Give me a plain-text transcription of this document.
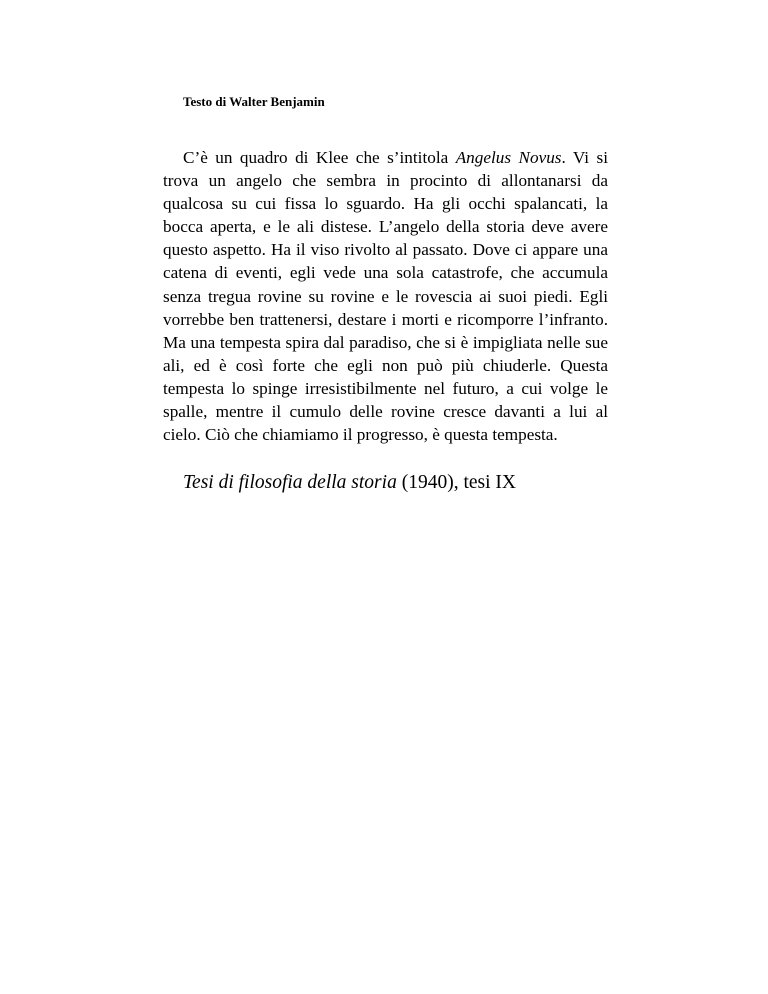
Testo di Walter Benjamin

C’è un quadro di Klee che s’intitola Angelus Novus. Vi si trova un angelo che sembra in procinto di allontanarsi da qualcosa su cui fissa lo sguardo. Ha gli occhi spalancati, la bocca aperta, e le ali distese. L’angelo della storia deve avere questo aspetto. Ha il viso rivolto al passato. Dove ci appare una catena di eventi, egli vede una sola catastrofe, che accumula senza tregua rovine su rovine e le rovescia ai suoi piedi. Egli vorrebbe ben trattenersi, destare i morti e ricomporre l’infranto. Ma una tempesta spira dal paradiso, che si è impigliata nelle sue ali, ed è così forte che egli non può più chiuderle. Questa tempesta lo spinge irresistibilmente nel futuro, a cui volge le spalle, mentre il cumulo delle rovine cresce davanti a lui al cielo. Ciò che chiamiamo il progresso, è questa tempesta.

Tesi di filosofia della storia (1940), tesi IX
